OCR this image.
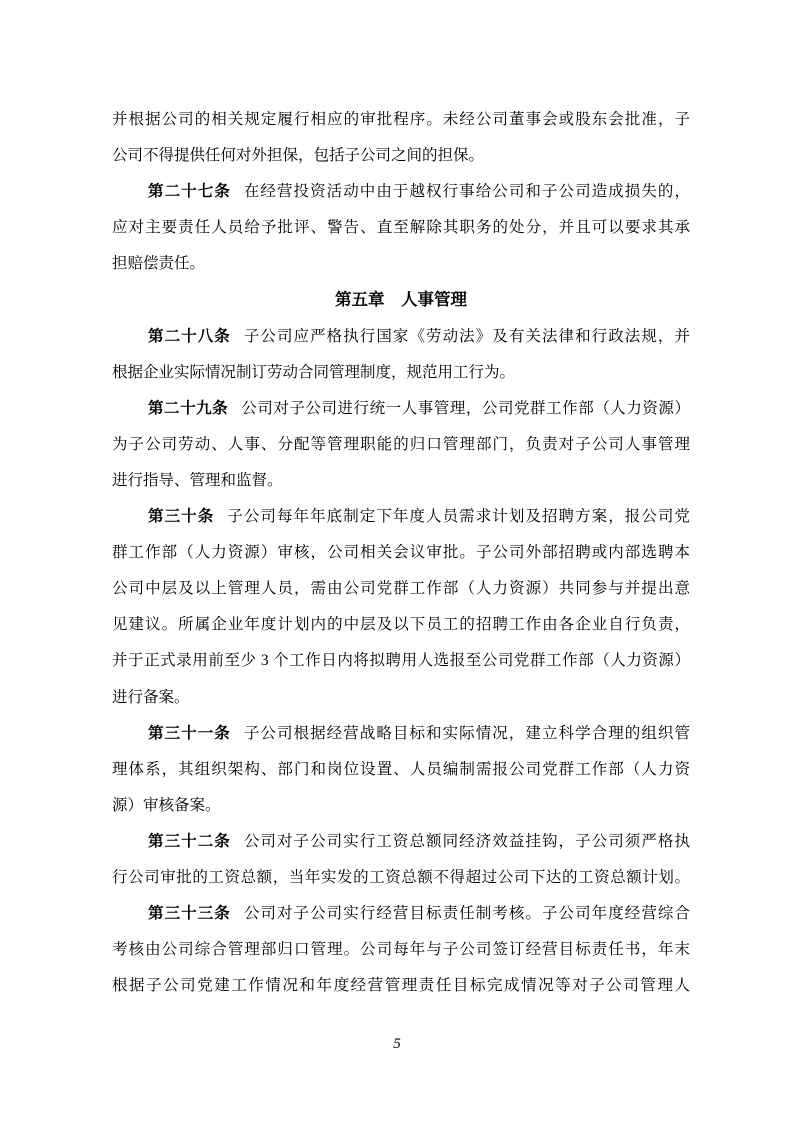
并根据公司的相关规定履行相应的审批程序。未经公司董事会或股东会批准，子
公司不得提供任何对外担保，包括子公司之间的担保。
第二十七条 在经营投资活动中由于越权行事给公司和子公司造成损失的，
应对主要责任人员给予批评、警告、直至解除其职务的处分，并且可以要求其承
担赔偿责任。
第五章　人事管理
第二十八条 子公司应严格执行国家《劳动法》及有关法律和行政法规，并
根据企业实际情况制订劳动合同管理制度，规范用工行为。
第二十九条 公司对子公司进行统一人事管理，公司党群工作部（人力资源）
为子公司劳动、人事、分配等管理职能的归口管理部门，负责对子公司人事管理
进行指导、管理和监督。
第三十条 子公司每年年底制定下年度人员需求计划及招聘方案，报公司党
群工作部（人力资源）审核，公司相关会议审批。子公司外部招聘或内部选聘本
公司中层及以上管理人员，需由公司党群工作部（人力资源）共同参与并提出意
见建议。所属企业年度计划内的中层及以下员工的招聘工作由各企业自行负责，
并于正式录用前至少 3 个工作日内将拟聘用人选报至公司党群工作部（人力资源）
进行备案。
第三十一条 子公司根据经营战略目标和实际情况，建立科学合理的组织管
理体系，其组织架构、部门和岗位设置、人员编制需报公司党群工作部（人力资
源）审核备案。
第三十二条 公司对子公司实行工资总额同经济效益挂钩，子公司须严格执
行公司审批的工资总额，当年实发的工资总额不得超过公司下达的工资总额计划。
第三十三条 公司对子公司实行经营目标责任制考核。子公司年度经营综合
考核由公司综合管理部归口管理。公司每年与子公司签订经营目标责任书，年末
根据子公司党建工作情况和年度经营管理责任目标完成情况等对子公司管理人
5
